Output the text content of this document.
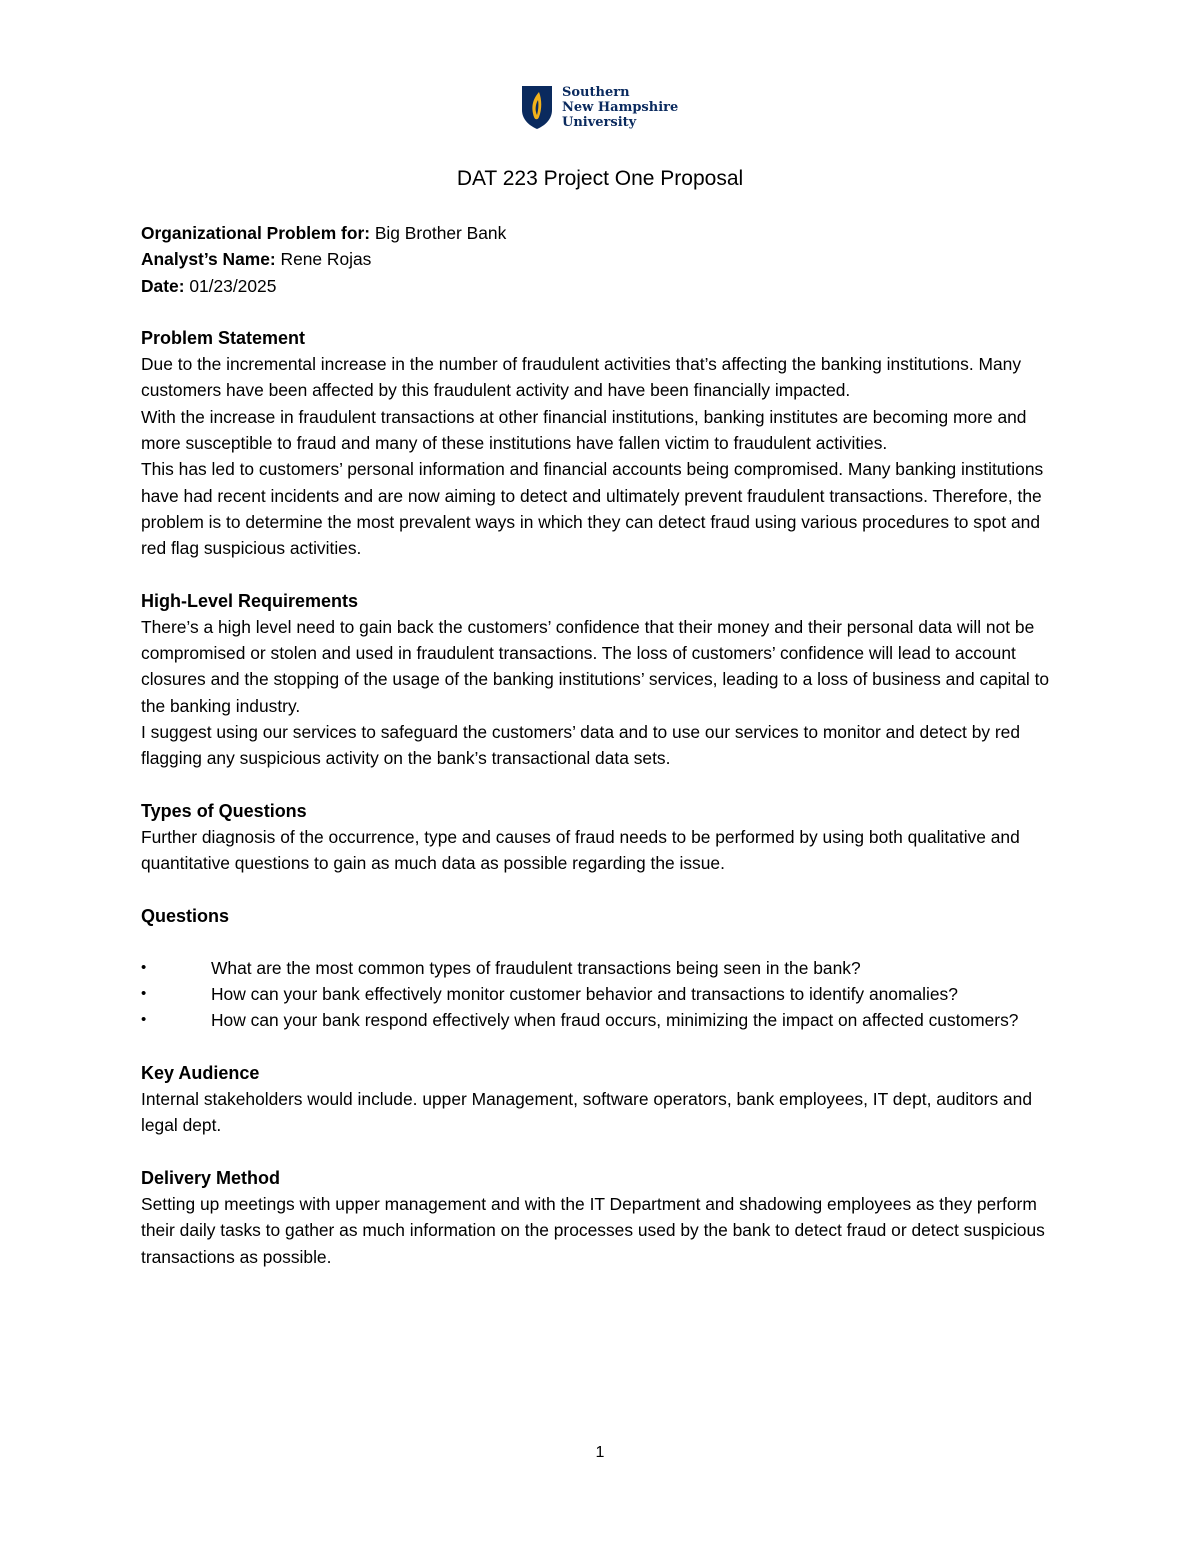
Southern
New Hampshire
University
DAT 223 Project One Proposal

Organizational Problem for: Big Brother Bank

Analyst’s Name: Rene Rojas

Date: 01/23/2025

Problem Statement

Due to the incremental increase in the number of fraudulent activities that’s affecting the banking institutions. Many customers have been affected by this fraudulent activity and have been financially impacted.

With the increase in fraudulent transactions at other financial institutions, banking institutes are becoming more and more susceptible to fraud and many of these institutions have fallen victim to fraudulent activities.

This has led to customers’ personal information and financial accounts being compromised. Many banking institutions have had recent incidents and are now aiming to detect and ultimately prevent fraudulent transactions. Therefore, the problem is to determine the most prevalent ways in which they can detect fraud using various procedures to spot and red flag suspicious activities.

High-Level Requirements

There’s a high level need to gain back the customers’ confidence that their money and their personal data will not be compromised or stolen and used in fraudulent transactions. The loss of customers’ confidence will lead to account closures and the stopping of the usage of the banking institutions’ services, leading to a loss of business and capital to the banking industry.

I suggest using our services to safeguard the customers’ data and to use our services to monitor and detect by red flagging any suspicious activity on the bank’s transactional data sets.

Types of Questions

Further diagnosis of the occurrence, type and causes of fraud needs to be performed by using both qualitative and quantitative questions to gain as much data as possible regarding the issue.

Questions
•	What are the most common types of fraudulent transactions being seen in the bank?
•	How can your bank effectively monitor customer behavior and transactions to identify anomalies?
•	How can your bank respond effectively when fraud occurs, minimizing the impact on affected customers?
Key Audience

Internal stakeholders would include. upper Management, software operators, bank employees, IT dept, auditors and legal dept.

Delivery Method

Setting up meetings with upper management and with the IT Department and shadowing employees as they perform their daily tasks to gather as much information on the processes used by the bank to detect fraud or detect suspicious transactions as possible.

1
